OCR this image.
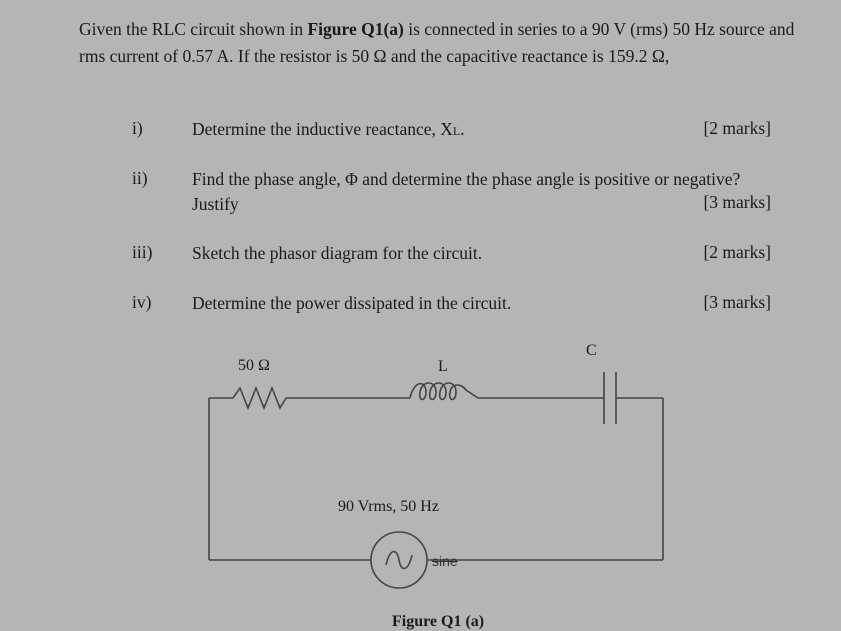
Given the RLC circuit shown in Figure Q1(a) is connected in series to a 90 V (rms) 50 Hz source and rms current of 0.57 A. If the resistor is 50 Ω and the capacitive reactance is 159.2 Ω,
i)	Determine the inductive reactance, XL.	[2 marks]
ii)	Find the phase angle, Φ and determine the phase angle is positive or negative?
Justify	[3 marks]
iii) Sketch the phasor diagram for the circuit.	[2 marks]
iv) Determine the power dissipated in the circuit.	[3 marks]
50 Ω	L
C
90 Vrms, 50 Hz
sine
Figure Q1 (a)
